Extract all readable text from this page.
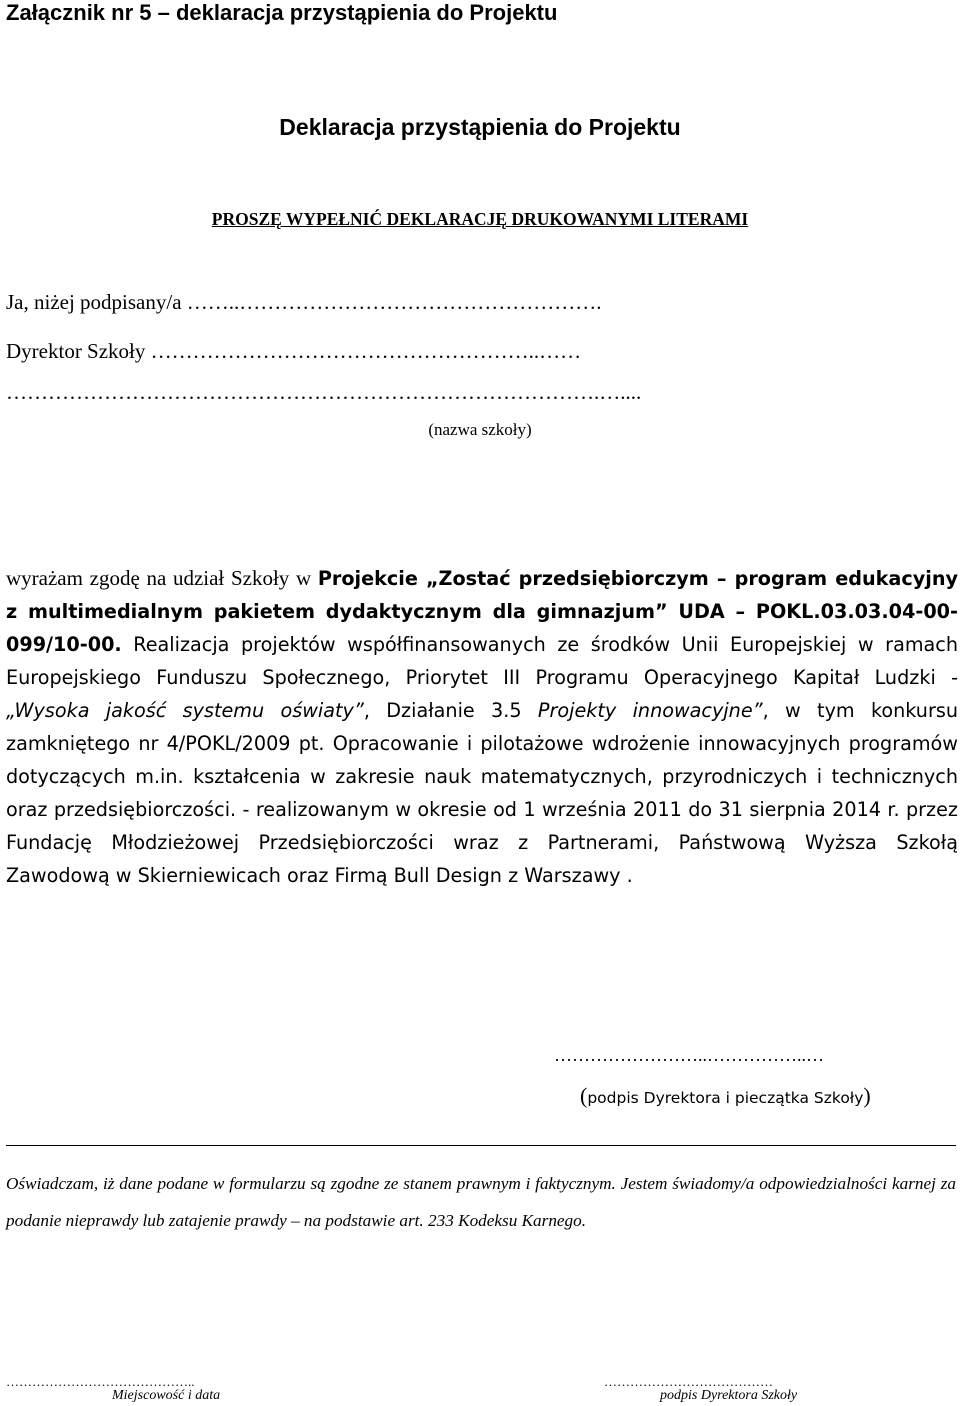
Załącznik nr 5 – deklaracja przystąpienia do Projektu
Deklaracja przystąpienia do Projektu
PROSZĘ WYPEŁNIĆ DEKLARACJĘ DRUKOWANYMI LITERAMI
Ja, niżej podpisany/a ……..…………………………………………….
Dyrektor Szkoły ………………………………………………..……
………………………………………………………………………….…....
(nazwa szkoły)

wyrażam zgodę na udział Szkoły w Projekcie „Zostać przedsiębiorczym – program edukacyjny z multimedialnym pakietem dydaktycznym dla gimnazjum” UDA – POKL.03.03.04-00-099/10-00. Realizacja projektów współfinansowanych ze środków Unii Europejskiej w ramach Europejskiego Funduszu Społecznego, Priorytet III Programu Operacyjnego Kapitał Ludzki - „Wysoka jakość systemu oświaty”, Działanie 3.5 Projekty innowacyjne”, w tym konkursu zamkniętego nr 4/POKL/2009 pt. Opracowanie i pilotażowe wdrożenie innowacyjnych programów dotyczących m.in. kształcenia w zakresie nauk matematycznych, przyrodniczych i technicznych oraz przedsiębiorczości. - realizowanym w okresie od 1 września 2011 do 31 sierpnia 2014 r. przez Fundację Młodzieżowej Przedsiębiorczości wraz z Partnerami, Państwową Wyższa Szkołą Zawodową w Skierniewicach oraz Firmą Bull Design z Warszawy .

……………………..……………..…
(podpis Dyrektora i pieczątka Szkoły)

Oświadczam, iż dane podane w formularzu są zgodne ze stanem prawnym i faktycznym. Jestem świadomy/a odpowiedzialności karnej za podanie nieprawdy lub zatajenie prawdy – na podstawie art. 233 Kodeksu Karnego.

……………………………………..
Miejscowość i data
…………………………………
podpis Dyrektora Szkoły
